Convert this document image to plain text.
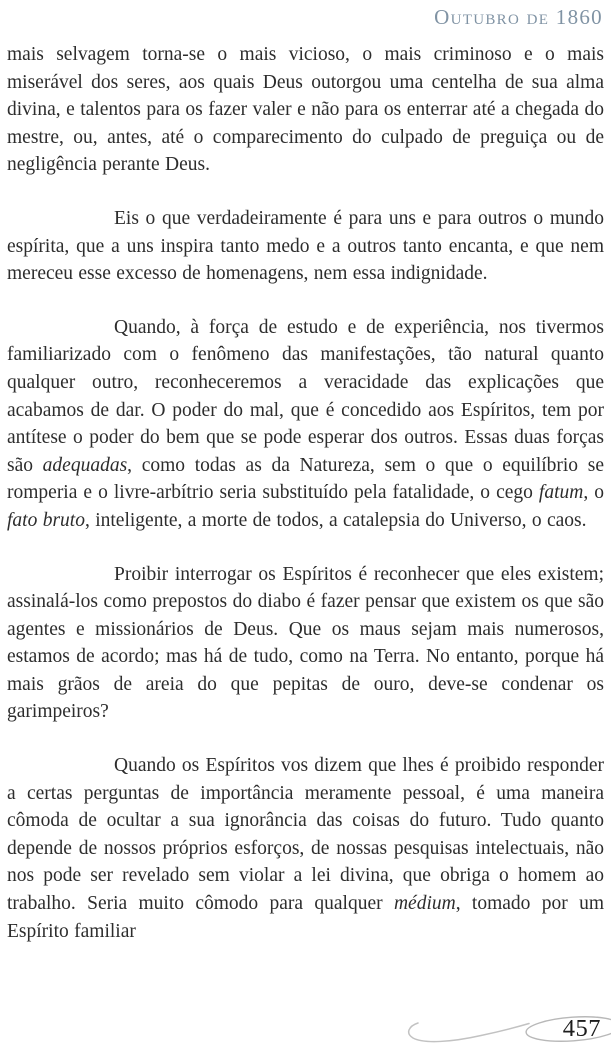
Outubro de 1860

mais selvagem torna-se o mais vicioso, o mais criminoso e o mais miserável dos seres, aos quais Deus outorgou uma centelha de sua alma divina, e talentos para os fazer valer e não para os enterrar até a chegada do mestre, ou, antes, até o comparecimento do culpado de preguiça ou de negligência perante Deus.

Eis o que verdadeiramente é para uns e para outros o mundo espírita, que a uns inspira tanto medo e a outros tanto encanta, e que nem mereceu esse excesso de homenagens, nem essa indignidade.

Quando, à força de estudo e de experiência, nos tivermos familiarizado com o fenômeno das manifestações, tão natural quanto qualquer outro, reconheceremos a veracidade das explicações que acabamos de dar. O poder do mal, que é concedido aos Espíritos, tem por antítese o poder do bem que se pode esperar dos outros. Essas duas forças são adequadas, como todas as da Natureza, sem o que o equilíbrio se romperia e o livre-arbítrio seria substituído pela fatalidade, o cego fatum, o fato bruto, inteligente, a morte de todos, a catalepsia do Universo, o caos.

Proibir interrogar os Espíritos é reconhecer que eles existem; assinalá-los como prepostos do diabo é fazer pensar que existem os que são agentes e missionários de Deus. Que os maus sejam mais numerosos, estamos de acordo; mas há de tudo, como na Terra. No entanto, porque há mais grãos de areia do que pepitas de ouro, deve-se condenar os garimpeiros?

Quando os Espíritos vos dizem que lhes é proibido responder a certas perguntas de importância meramente pessoal, é uma maneira cômoda de ocultar a sua ignorância das coisas do futuro. Tudo quanto depende de nossos próprios esforços, de nossas pesquisas intelectuais, não nos pode ser revelado sem violar a lei divina, que obriga o homem ao trabalho. Seria muito cômodo para qualquer médium, tomado por um Espírito familiar

457
